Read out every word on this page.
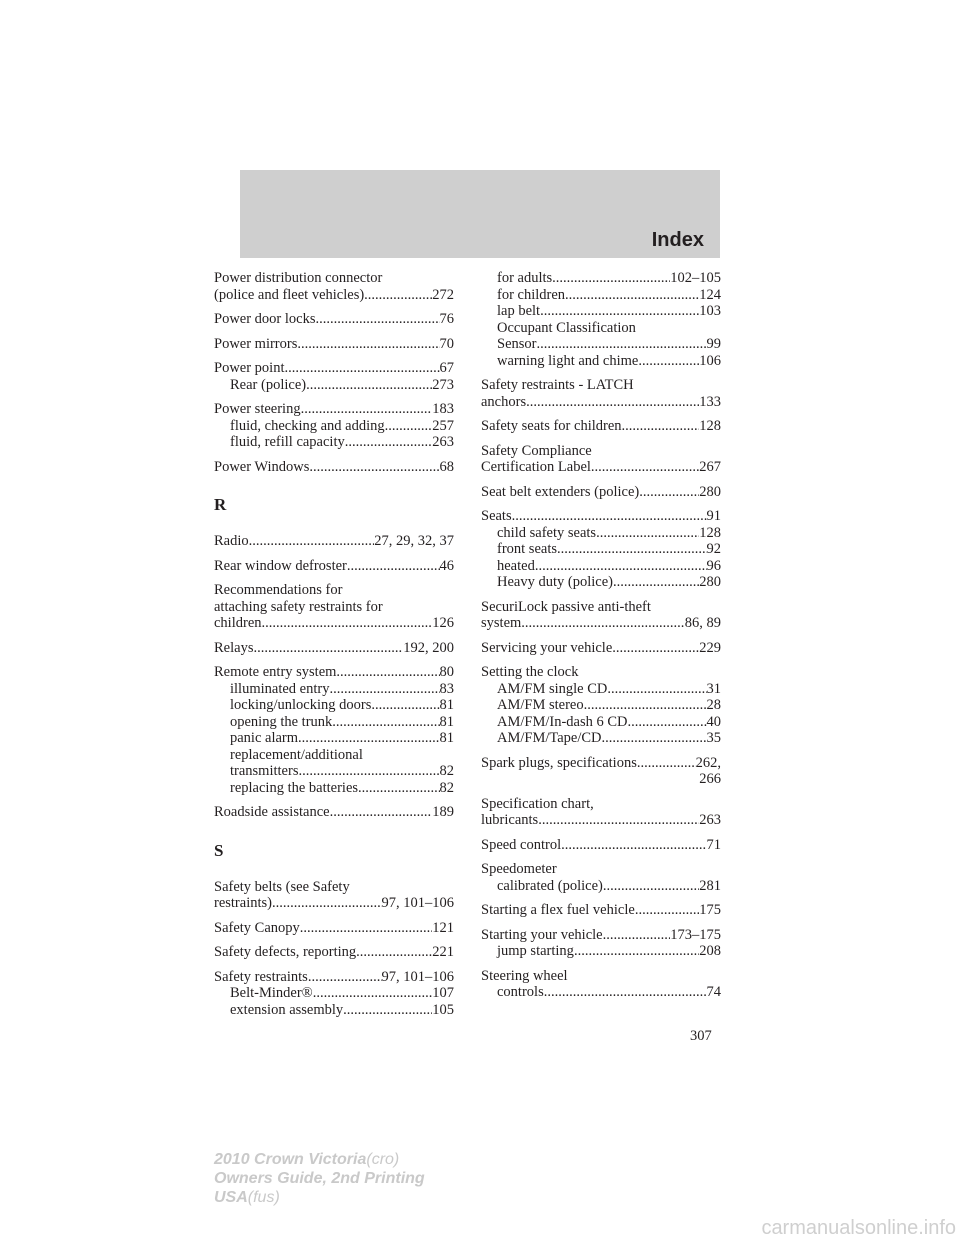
Index
Power distribution connector
(police and fleet vehicles) .....	272
Power door locks .....	76
Power mirrors .....	70
Power point .....	67
Rear (police) .....	273
Power steering .....	183
fluid, checking and adding .....	257
fluid, refill capacity .....	263
Power Windows .....	68
R
Radio .....	27, 29, 32, 37
Rear window defroster .....	46
Recommendations for
attaching safety restraints for
children .....	126
Relays .....	192, 200
Remote entry system .....	80
illuminated entry .....	83
locking/unlocking doors .....	81
opening the trunk .....	81
panic alarm .....	81
replacement/additional
transmitters .....	82
replacing the batteries .....	82
Roadside assistance .....	189
S
Safety belts (see Safety
restraints) .....	97, 101–106
Safety Canopy .....	121
Safety defects, reporting .....	221
Safety restraints .....	97, 101–106
Belt-Minder® .....	107
extension assembly .....	105
for adults .....	102–105
for children .....	124
lap belt .....	103
Occupant Classification
Sensor .....	99
warning light and chime .....	106
Safety restraints - LATCH
anchors .....	133
Safety seats for children .....	128
Safety Compliance
Certification Label .....	267
Seat belt extenders (police) .....	280
Seats .....	91
child safety seats .....	128
front seats .....	92
heated .....	96
Heavy duty (police) .....	280
SecuriLock passive anti-theft
system .....	86, 89
Servicing your vehicle .....	229
Setting the clock
AM/FM single CD .....	31
AM/FM stereo .....	28
AM/FM/In-dash 6 CD .....	40
AM/FM/Tape/CD .....	35
Spark plugs, specifications .....	262,
266
Specification chart,
lubricants .....	263
Speed control .....	71
Speedometer
calibrated (police) .....	281
Starting a flex fuel vehicle .....	175
Starting your vehicle .....	173–175
jump starting .....	208
Steering wheel
controls .....	74
307
2010 Crown Victoria(cro)
Owners Guide, 2nd Printing
USA(fus)
carmanualsonline.info
